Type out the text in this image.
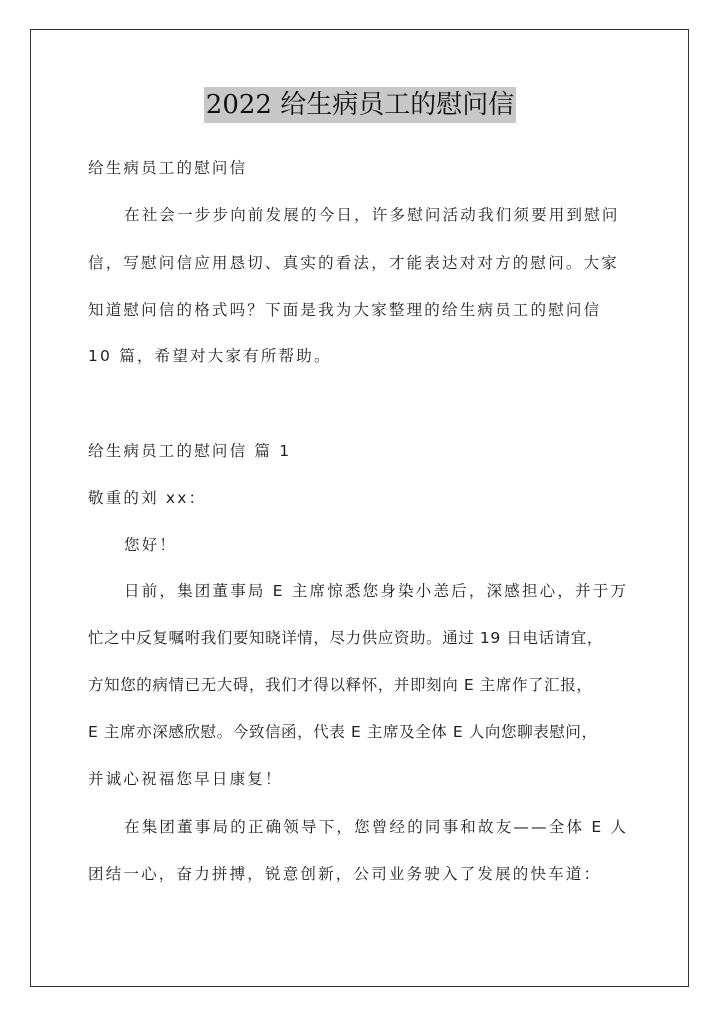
2022 给生病员工的慰问信
给生病员工的慰问信
在社会一步步向前发展的今日，许多慰问活动我们须要用到慰问
信，写慰问信应用恳切、真实的看法，才能表达对对方的慰问。大家
知道慰问信的格式吗？下面是我为大家整理的给生病员工的慰问信
10 篇，希望对大家有所帮助。
给生病员工的慰问信 篇 1
敬重的刘 xx：
您好！
日前，集团董事局 E 主席惊悉您身染小恙后，深感担心，并于万
忙之中反复嘱咐我们要知晓详情，尽力供应资助。通过 19 日电话请宜，
方知您的病情已无大碍，我们才得以释怀，并即刻向 E 主席作了汇报，
E 主席亦深感欣慰。今致信函，代表 E 主席及全体 E 人向您聊表慰问，
并诚心祝福您早日康复！
在集团董事局的正确领导下，您曾经的同事和故友——全体 E 人
团结一心，奋力拼搏，锐意创新，公司业务驶入了发展的快车道：
